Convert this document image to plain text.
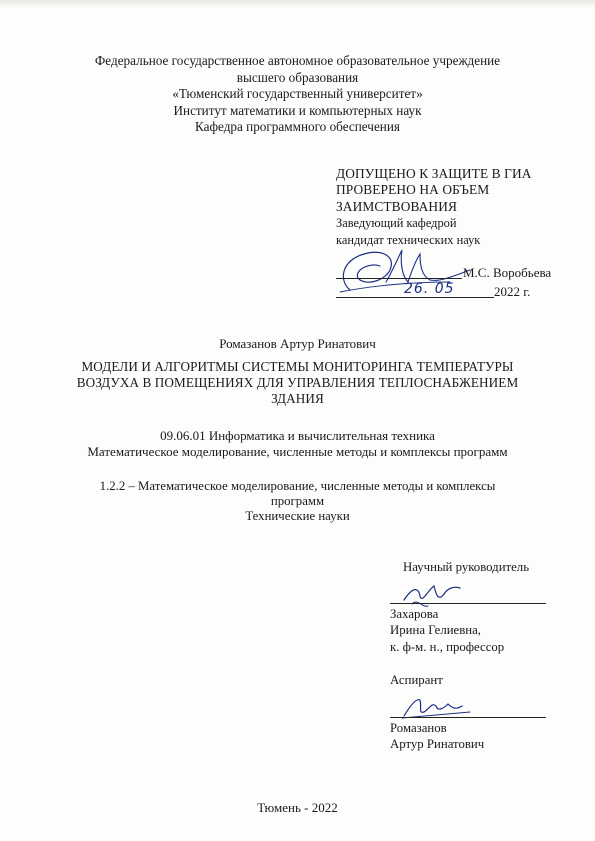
Федеральное государственное автономное образовательное учреждение
высшего образования
«Тюменский государственный университет»
Институт математики и компьютерных наук
Кафедра программного обеспечения
ДОПУЩЕНО К ЗАЩИТЕ В ГИА
ПРОВЕРЕНО НА ОБЪЕМ
ЗАИМСТВОВАНИЯ
Заведующий кафедрой
кандидат технических наук
М.С. Воробьева
26. 05	2022 г.
Ромазанов Артур Ринатович
МОДЕЛИ И АЛГОРИТМЫ СИСТЕМЫ МОНИТОРИНГА ТЕМПЕРАТУРЫ
ВОЗДУХА В ПОМЕЩЕНИЯХ ДЛЯ УПРАВЛЕНИЯ ТЕПЛОСНАБЖЕНИЕМ
ЗДАНИЯ
09.06.01 Информатика и вычислительная техника
Математическое моделирование, численные методы и комплексы программ
1.2.2 – Математическое моделирование, численные методы и комплексы
программ
Технические науки
Научный руководитель
Захарова
Ирина Гелиевна,
к. ф-м. н., профессор
Аспирант
Ромазанов
Артур Ринатович
Тюмень - 2022
